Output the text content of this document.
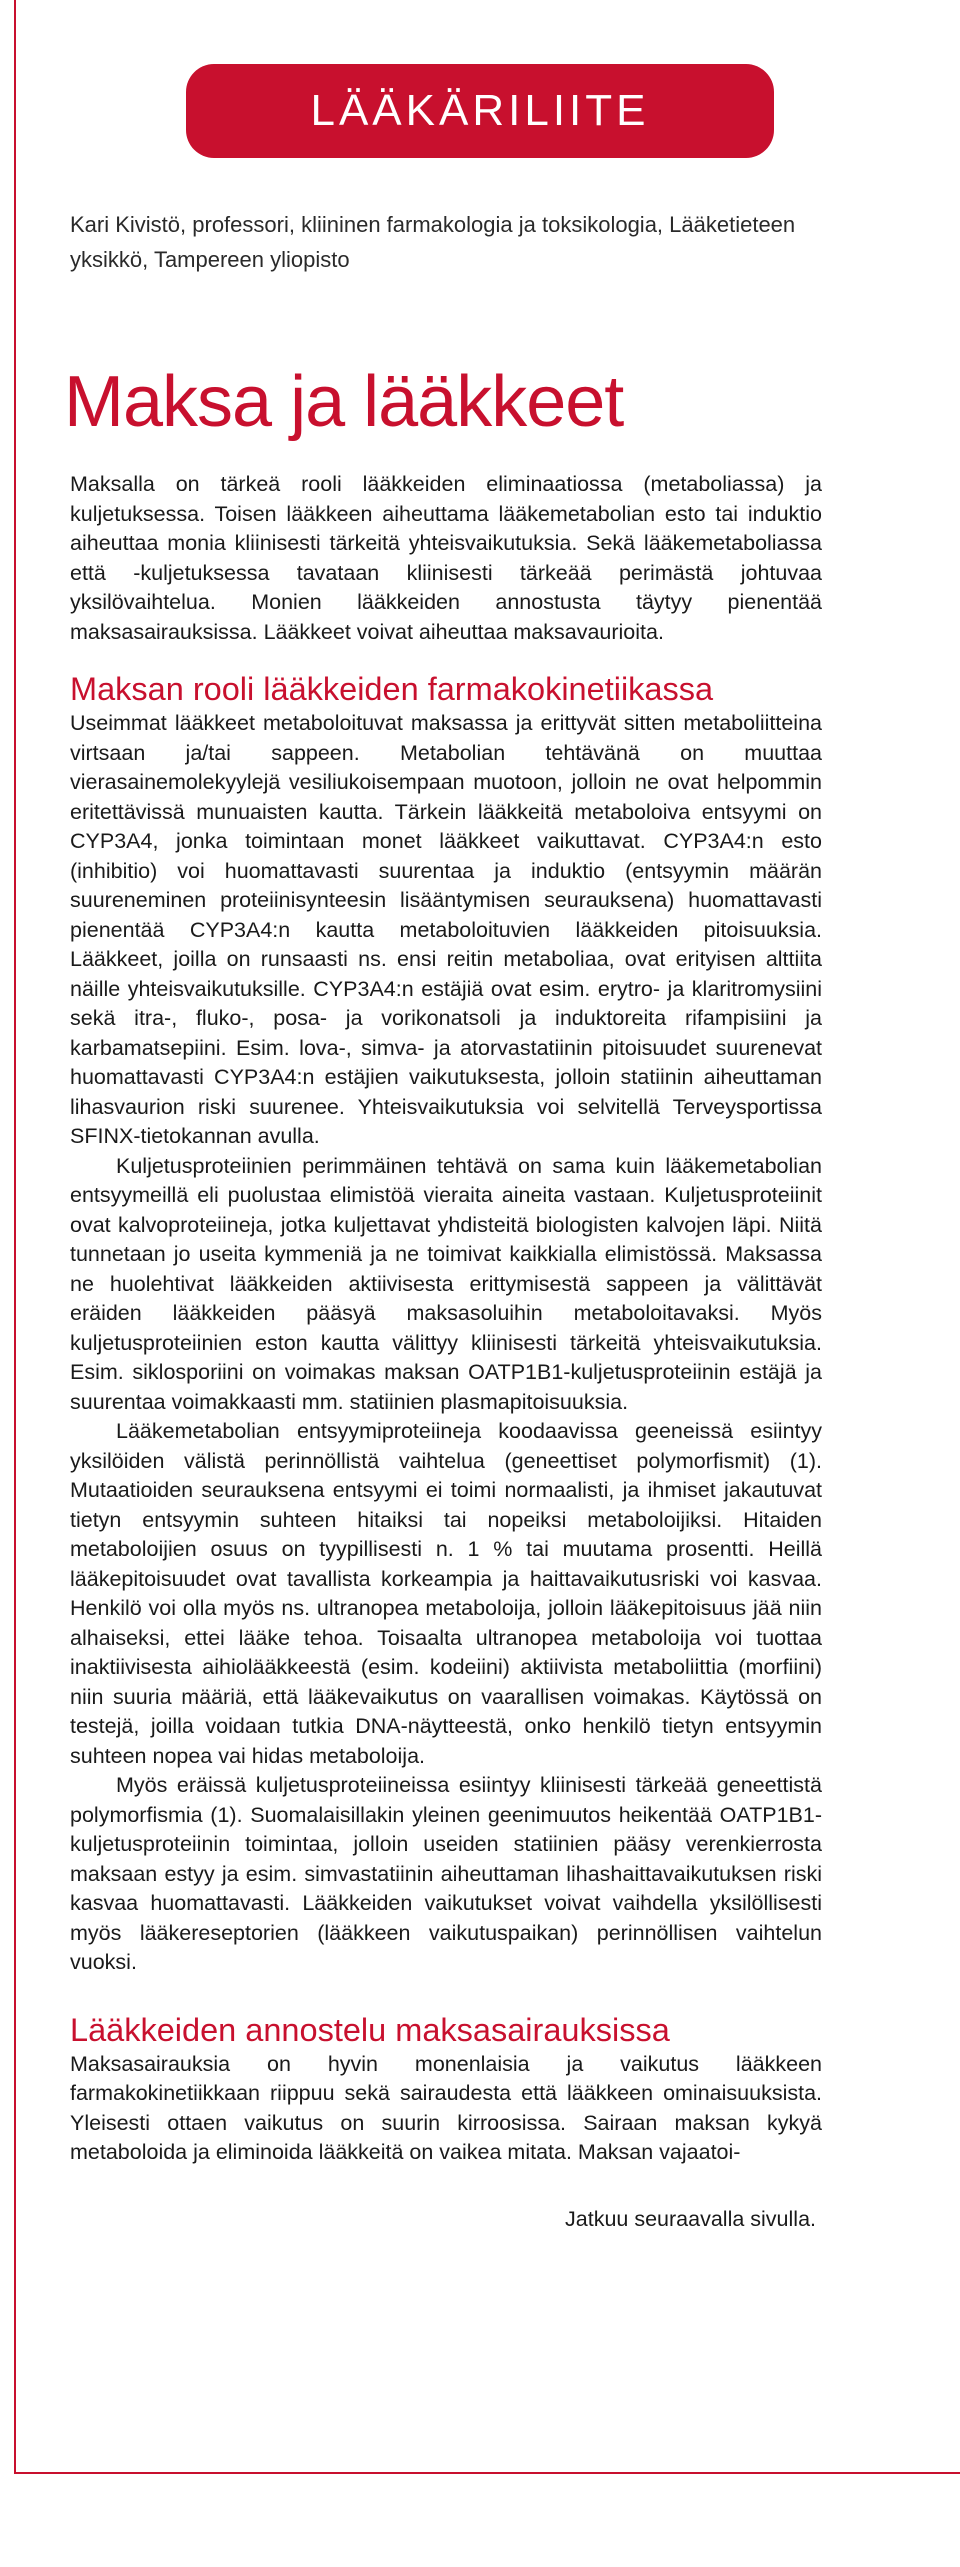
LÄÄKÄRILIITE
Kari Kivistö, professori, kliininen farmakologia ja toksikologia, Lääketieteen yksikkö, Tampereen yliopisto
Maksa ja lääkkeet

Maksalla on tärkeä rooli lääkkeiden eliminaatiossa (metaboliassa) ja kuljetuksessa. Toisen lääkkeen aiheuttama lääkemetabolian esto tai induktio aiheuttaa monia kliinisesti tärkeitä yhteisvaikutuksia. Sekä lääkemetaboliassa että -kuljetuksessa tavataan kliinisesti tärkeää perimästä johtuvaa yksilövaihtelua. Monien lääkkeiden annostusta täytyy pienentää maksasairauksissa. Lääkkeet voivat aiheuttaa maksavaurioita.

Maksan rooli lääkkeiden farmakokinetiikassa

Useimmat lääkkeet metaboloituvat maksassa ja erittyvät sitten metaboliitteina virtsaan ja/tai sappeen. Metabolian tehtävänä on muuttaa vierasainemolekyylejä vesiliukoisempaan muotoon, jolloin ne ovat helpommin eritettävissä munuaisten kautta. Tärkein lääkkeitä metaboloiva entsyymi on CYP3A4, jonka toimintaan monet lääkkeet vaikuttavat. CYP3A4:n esto (inhibitio) voi huomattavasti suurentaa ja induktio (entsyymin määrän suureneminen proteiinisynteesin lisääntymisen seurauksena) huomattavasti pienentää CYP3A4:n kautta metaboloituvien lääkkeiden pitoisuuksia. Lääkkeet, joilla on runsaasti ns. ensi reitin metaboliaa, ovat erityisen alttiita näille yhteisvaikutuksille. CYP3A4:n estäjiä ovat esim. erytro- ja klaritromysiini sekä itra-, fluko-, posa- ja vorikonatsoli ja induktoreita rifampisiini ja karbamatsepiini. Esim. lova-, simva- ja atorvastatiinin pitoisuudet suurenevat huomattavasti CYP3A4:n estäjien vaikutuksesta, jolloin statiinin aiheuttaman lihasvaurion riski suurenee. Yhteisvaikutuksia voi selvitellä Terveysportissa SFINX-tietokannan avulla.

Kuljetusproteiinien perimmäinen tehtävä on sama kuin lääkemetabolian entsyymeillä eli puolustaa elimistöä vieraita aineita vastaan. Kuljetusproteiinit ovat kalvoproteiineja, jotka kuljettavat yhdisteitä biologisten kalvojen läpi. Niitä tunnetaan jo useita kymmeniä ja ne toimivat kaikkialla elimistössä. Maksassa ne huolehtivat lääkkeiden aktiivisesta erittymisestä sappeen ja välittävät eräiden lääkkeiden pääsyä maksasoluihin metaboloitavaksi. Myös kuljetusproteiinien eston kautta välittyy kliinisesti tärkeitä yhteisvaikutuksia. Esim. siklosporiini on voimakas maksan OATP1B1-kuljetusproteiinin estäjä ja suurentaa voimakkaasti mm. statiinien plasmapitoisuuksia.

Lääkemetabolian entsyymiproteiineja koodaavissa geeneissä esiintyy yksilöiden välistä perinnöllistä vaihtelua (geneettiset polymorfismit) (1). Mutaatioiden seurauksena entsyymi ei toimi normaalisti, ja ihmiset jakautuvat tietyn entsyymin suhteen hitaiksi tai nopeiksi metaboloijiksi. Hitaiden metaboloijien osuus on tyypillisesti n. 1 % tai muutama prosentti. Heillä lääkepitoisuudet ovat tavallista korkeampia ja haittavaikutusriski voi kasvaa. Henkilö voi olla myös ns. ultranopea metaboloija, jolloin lääkepitoisuus jää niin alhaiseksi, ettei lääke tehoa. Toisaalta ultranopea metaboloija voi tuottaa inaktiivisesta aihiolääkkeestä (esim. kodeiini) aktiivista metaboliittia (morfiini) niin suuria määriä, että lääkevaikutus on vaarallisen voimakas. Käytössä on testejä, joilla voidaan tutkia DNA-näytteestä, onko henkilö tietyn entsyymin suhteen nopea vai hidas metaboloija.

Myös eräissä kuljetusproteiineissa esiintyy kliinisesti tärkeää geneettistä polymorfismia (1). Suomalaisillakin yleinen geenimuutos heikentää OATP1B1-kuljetusproteiinin toimintaa, jolloin useiden statiinien pääsy verenkierrosta maksaan estyy ja esim. simvastatiinin aiheuttaman lihashaittavaikutuksen riski kasvaa huomattavasti. Lääkkeiden vaikutukset voivat vaihdella yksilöllisesti myös lääkereseptorien (lääkkeen vaikutuspaikan) perinnöllisen vaihtelun vuoksi.

Lääkkeiden annostelu maksasairauksissa

Maksasairauksia on hyvin monenlaisia ja vaikutus lääkkeen farmakokinetiikkaan riippuu sekä sairaudesta että lääkkeen ominaisuuksista. Yleisesti ottaen vaikutus on suurin kirroosissa. Sairaan maksan kykyä metaboloida ja eliminoida lääkkeitä on vaikea mitata. Maksan vajaatoi-

Jatkuu seuraavalla sivulla.
